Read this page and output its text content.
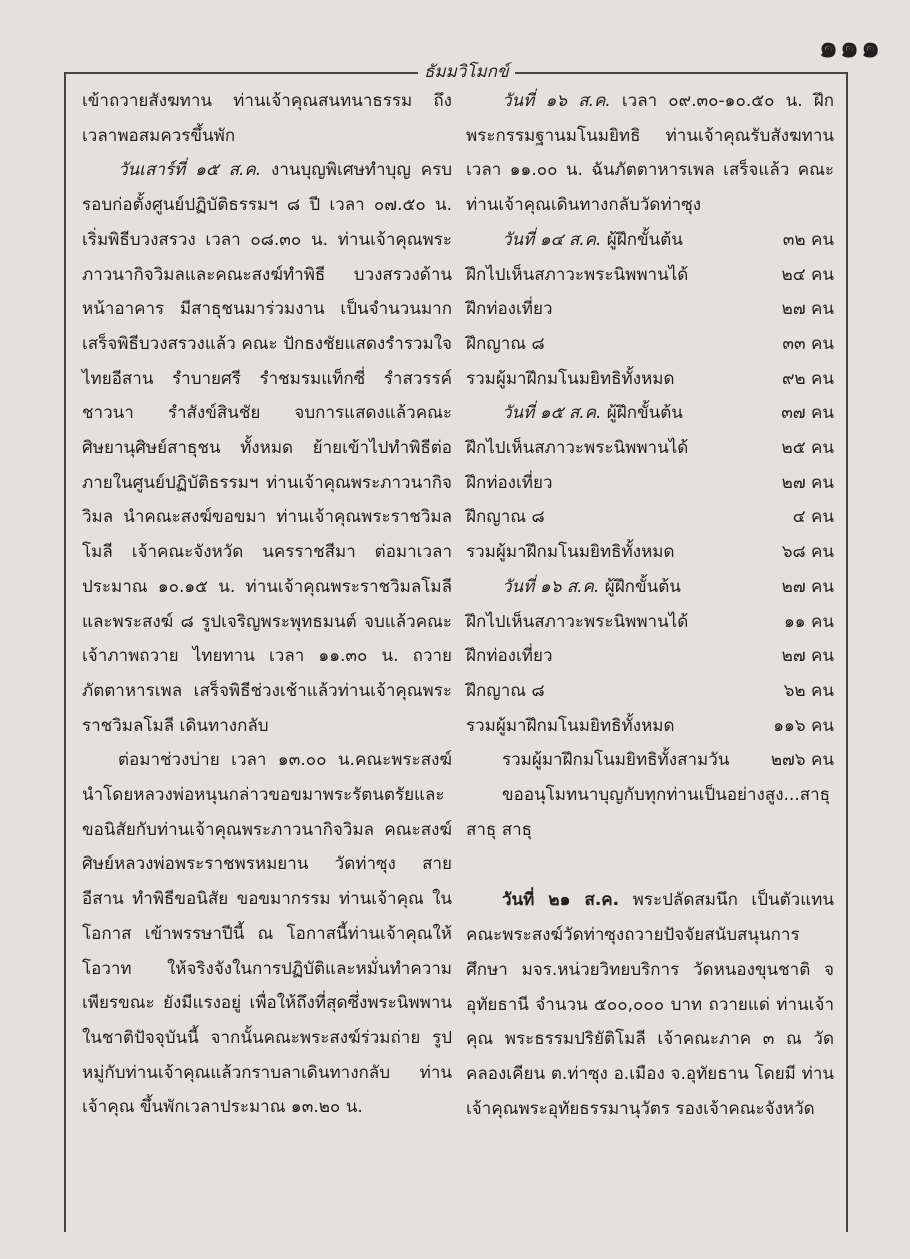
๑๑๑
ธัมมวิโมกข์

เข้าถวายสังฆทาน ท่านเจ้าคุณสนทนาธรรม ถึงเวลาพอสมควรขึ้นพัก

วันเสาร์ที่ ๑๕ ส.ค. งานบุญพิเศษทำบุญ ครบรอบก่อตั้งศูนย์ปฏิบัติธรรมฯ ๘ ปี เวลา ๐๗.๕๐ น. เริ่มพิธีบวงสรวง เวลา ๐๘.๓๐ น. ท่านเจ้าคุณพระภาวนากิจวิมลและคณะสงฆ์ทำพิธี บวงสรวงด้านหน้าอาคาร มีสาธุชนมาร่วมงาน เป็นจำนวนมาก เสร็จพิธีบวงสรวงแล้ว คณะ ปักธงชัยแสดงรำรวมใจไทยอีสาน รำบายศรี รำชมรมแท็กซี่ รำสวรรค์ชาวนา รำสังข์สินชัย จบการแสดงแล้วคณะศิษยานุศิษย์สาธุชน ทั้งหมด ย้ายเข้าไปทำพิธีต่อภายในศูนย์ปฏิบัติธรรมฯ ท่านเจ้าคุณพระภาวนากิจวิมล นำคณะสงฆ์ขอขมา ท่านเจ้าคุณพระราชวิมลโมลี เจ้าคณะจังหวัด นครราชสีมา ต่อมาเวลาประมาณ ๑๐.๑๕ น. ท่านเจ้าคุณพระราชวิมลโมลี และพระสงฆ์ ๘ รูปเจริญพระพุทธมนต์ จบแล้วคณะเจ้าภาพถวาย ไทยทาน เวลา ๑๑.๓๐ น. ถวายภัตตาหารเพล เสร็จพิธีช่วงเช้าแล้วท่านเจ้าคุณพระราชวิมลโมลี เดินทางกลับ

ต่อมาช่วงบ่าย เวลา ๑๓.๐๐ น.คณะพระสงฆ์ นำโดยหลวงพ่อหนุนกล่าวขอขมาพระรัตนตรัยและ ขอนิสัยกับท่านเจ้าคุณพระภาวนากิจวิมล คณะสงฆ์ ศิษย์หลวงพ่อพระราชพรหมยาน วัดท่าซุง สายอีสาน ทำพิธีขอนิสัย ขอขมากรรม ท่านเจ้าคุณ ในโอกาส เข้าพรรษาปีนี้ ณ โอกาสนี้ท่านเจ้าคุณให้โอวาท ให้จริงจังในการปฏิบัติและหมั่นทำความเพียรขณะ ยังมีแรงอยู่ เพื่อให้ถึงที่สุดซึ่งพระนิพพาน ในชาติปัจจุบันนี้ จากนั้นคณะพระสงฆ์ร่วมถ่าย รูปหมู่กับท่านเจ้าคุณแล้วกราบลาเดินทางกลับ ท่านเจ้าคุณ ขึ้นพักเวลาประมาณ ๑๓.๒๐ น.

วันที่ ๑๖ ส.ค. เวลา ๐๙.๓๐-๑๐.๕๐ น. ฝึกพระกรรมฐานมโนมยิทธิ ท่านเจ้าคุณรับสังฆทาน เวลา ๑๑.๐๐ น. ฉันภัตตาหารเพล เสร็จแล้ว คณะท่านเจ้าคุณเดินทางกลับวัดท่าซุง

วันที่ ๑๔ ส.ค. ผู้ฝึกขั้นต้น	๓๒ คน
ฝึกไปเห็นสภาวะพระนิพพานได้	๒๔ คน
ฝึกท่องเที่ยว	๒๗ คน
ฝึกญาณ ๘	๓๓ คน
รวมผู้มาฝึกมโนมยิทธิทั้งหมด	๙๒ คน
วันที่ ๑๕ ส.ค. ผู้ฝึกขั้นต้น	๓๗ คน
ฝึกไปเห็นสภาวะพระนิพพานได้	๒๕ คน
ฝึกท่องเที่ยว	๒๗ คน
ฝึกญาณ ๘	๔ คน
รวมผู้มาฝึกมโนมยิทธิทั้งหมด	๖๘ คน
วันที่ ๑๖ ส.ค. ผู้ฝึกขั้นต้น	๒๗ คน
ฝึกไปเห็นสภาวะพระนิพพานได้	๑๑ คน
ฝึกท่องเที่ยว	๒๗ คน
ฝึกญาณ ๘	๖๒ คน
รวมผู้มาฝึกมโนมยิทธิทั้งหมด	๑๑๖ คน
รวมผู้มาฝึกมโนมยิทธิทั้งสามวัน ๒๗๖ คน

ขออนุโมทนาบุญกับทุกท่านเป็นอย่างสูง...สาธุ สาธุ สาธุ

วันที่ ๒๑ ส.ค. พระปลัดสมนึก เป็นตัวแทน คณะพระสงฆ์วัดท่าซุงถวายปัจจัยสนับสนุนการศึกษา มจร.หน่วยวิทยบริการ วัดหนองขุนชาติ จ อุทัยธานี จำนวน ๕๐๐,๐๐๐ บาท ถวายแด่ ท่านเจ้าคุณ พระธรรมปริยัติโมลี เจ้าคณะภาค ๓ ณ วัด คลองเคียน ต.ท่าซุง อ.เมือง จ.อุทัยธาน โดยมี ท่านเจ้าคุณพระอุทัยธรรมานุวัตร รองเจ้าคณะจังหวัด
